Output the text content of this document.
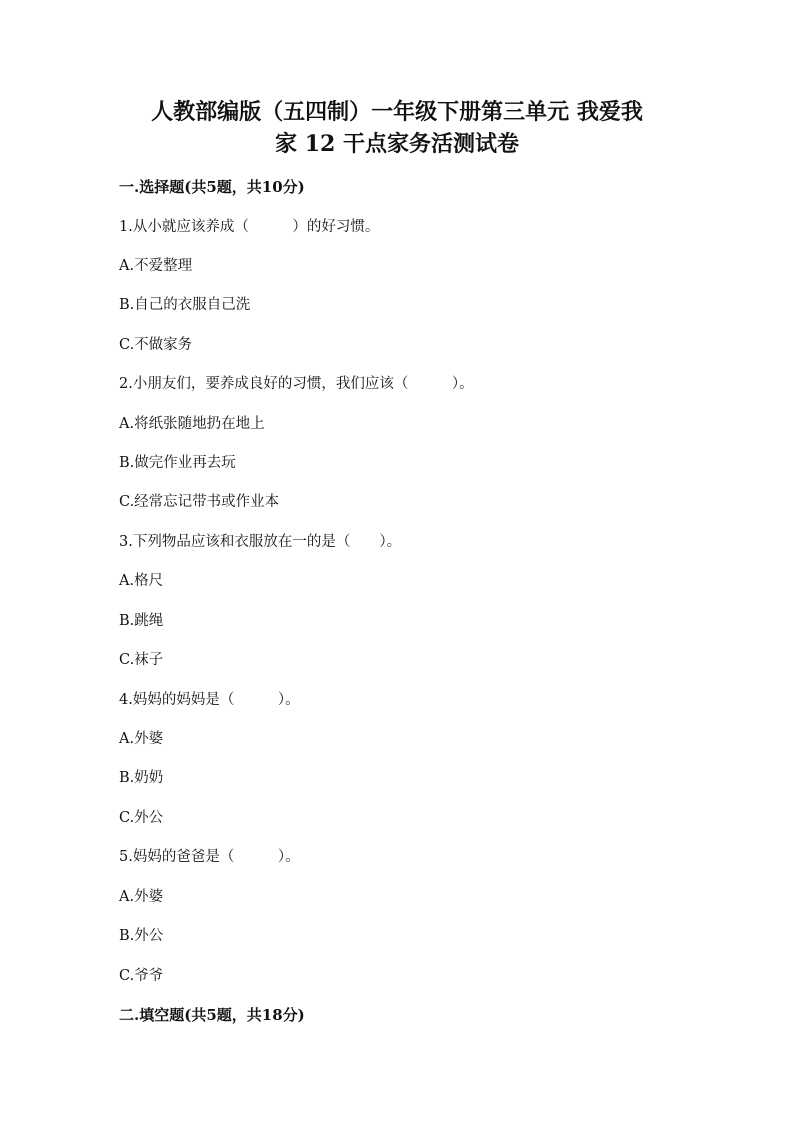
人教部编版（五四制）一年级下册第三单元 我爱我
家 12 干点家务活测试卷
一.选择题(共5题，共10分)
1.从小就应该养成（　　　）的好习惯。
A.不爱整理
B.自己的衣服自己洗
C.不做家务
2.小朋友们，要养成良好的习惯，我们应该（　　　）。
A.将纸张随地扔在地上
B.做完作业再去玩
C.经常忘记带书或作业本
3.下列物品应该和衣服放在一的是（　　）。
A.格尺
B.跳绳
C.袜子
4.妈妈的妈妈是（　　　）。
A.外婆
B.奶奶
C.外公
5.妈妈的爸爸是（　　　）。
A.外婆
B.外公
C.爷爷
二.填空题(共5题，共18分)
